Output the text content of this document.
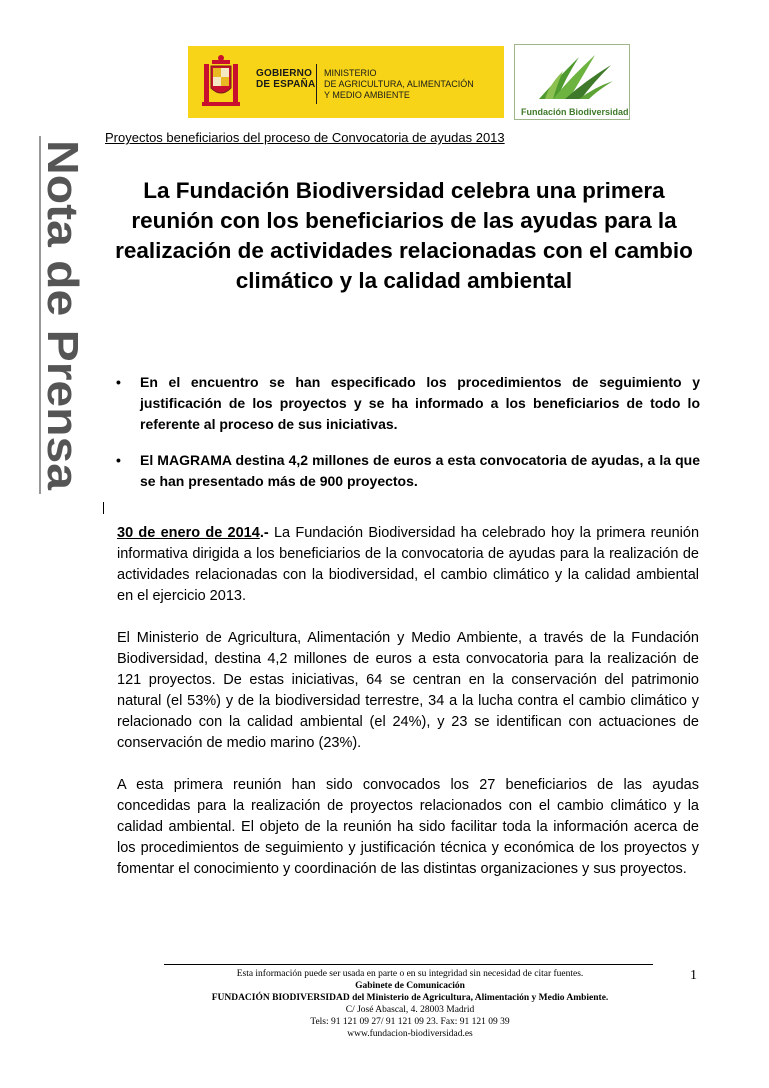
GOBIERNO
DE ESPAÑA
MINISTERIO
DE AGRICULTURA, ALIMENTACIÓN
Y MEDIO AMBIENTE
Fundación Biodiversidad
Proyectos beneficiarios del proceso de Convocatoria de ayudas 2013
Nota de Prensa	La Fundación Biodiversidad celebra una primera reunión con los beneficiarios de las ayudas para la realización de actividades relacionadas con el cambio climático y la calidad ambiental
• En el encuentro se han especificado los procedimientos de seguimiento y justificación de los proyectos y se ha informado a los beneficiarios de todo lo referente al proceso de sus iniciativas.
• El MAGRAMA destina 4,2 millones de euros a esta convocatoria de ayudas, a la que se han presentado más de 900 proyectos.

30 de enero de 2014.- La Fundación Biodiversidad ha celebrado hoy la primera reunión informativa dirigida a los beneficiarios de la convocatoria de ayudas para la realización de actividades relacionadas con la biodiversidad, el cambio climático y la calidad ambiental en el ejercicio 2013.

El Ministerio de Agricultura, Alimentación y Medio Ambiente, a través de la Fundación Biodiversidad, destina 4,2 millones de euros a esta convocatoria para la realización de 121 proyectos. De estas iniciativas, 64 se centran en la conservación del patrimonio natural (el 53%) y de la biodiversidad terrestre, 34 a la lucha contra el cambio climático y relacionado con la calidad ambiental (el 24%), y 23 se identifican con actuaciones de conservación de medio marino (23%).

A esta primera reunión han sido convocados los 27 beneficiarios de las ayudas concedidas para la realización de proyectos relacionados con el cambio climático y la calidad ambiental. El objeto de la reunión ha sido facilitar toda la información acerca de los procedimientos de seguimiento y justificación técnica y económica de los proyectos y fomentar el conocimiento y coordinación de las distintas organizaciones y sus proyectos.

Esta información puede ser usada en parte o en su integridad sin necesidad de citar fuentes.
Gabinete de Comunicación
FUNDACIÓN BIODIVERSIDAD del Ministerio de Agricultura, Alimentación y Medio Ambiente.
C/ José Abascal, 4. 28003 Madrid
Tels: 91 121 09 27/ 91 121 09 23. Fax: 91 121 09 39
www.fundacion-biodiversidad.es
1
